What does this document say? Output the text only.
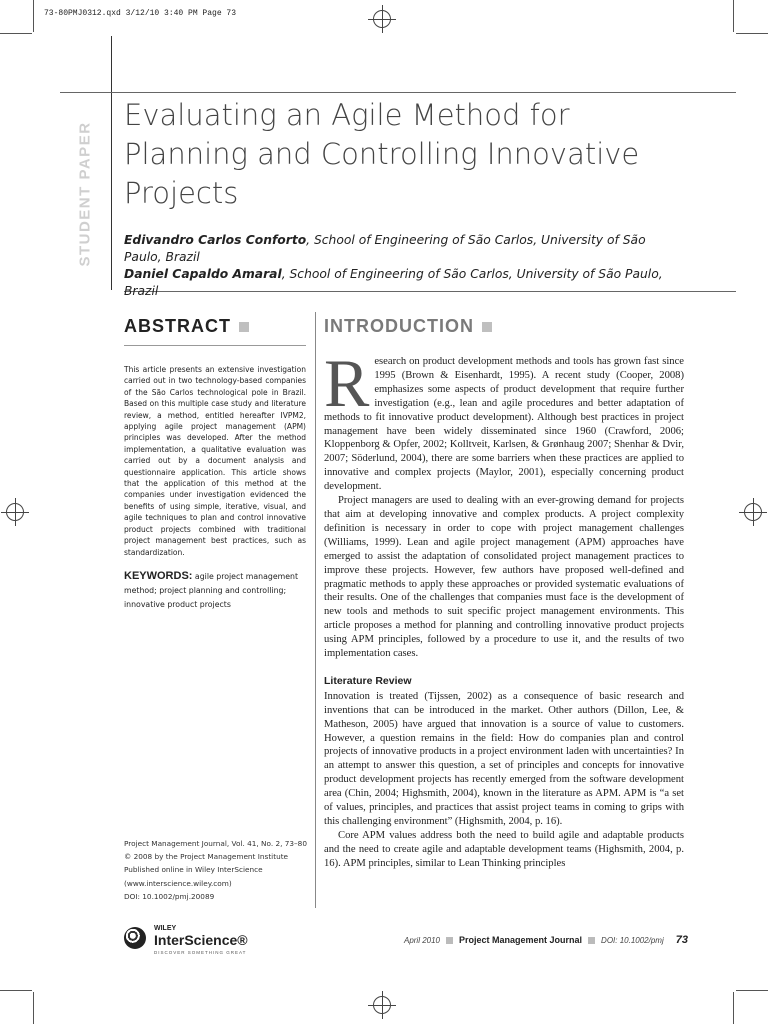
73-80PMJ0312.qxd 3/12/10 3:40 PM Page 73
STUDENT PAPER
Evaluating an Agile Method for Planning and Controlling Innovative Projects
Edivandro Carlos Conforto, School of Engineering of São Carlos, University of São Paulo, Brazil
Daniel Capaldo Amaral, School of Engineering of São Carlos, University of São Paulo, Brazil
ABSTRACT
This article presents an extensive investigation carried out in two technology-based companies of the São Carlos technological pole in Brazil. Based on this multiple case study and literature review, a method, entitled hereafter IVPM2, applying agile project management (APM) principles was developed. After the method implementation, a qualitative evaluation was carried out by a document analysis and questionnaire application. This article shows that the application of this method at the companies under investigation evidenced the benefits of using simple, iterative, visual, and agile techniques to plan and control innovative product projects combined with traditional project management best practices, such as standardization.
KEYWORDS: agile project management method; project planning and controlling; innovative product projects
Project Management Journal, Vol. 41, No. 2, 73–80
© 2008 by the Project Management Institute
Published online in Wiley InterScience
(www.interscience.wiley.com)
DOI: 10.1002/pmj.20089
INTRODUCTION

Research on product development methods and tools has grown fast since 1995 (Brown & Eisenhardt, 1995). A recent study (Cooper, 2008) emphasizes some aspects of product development that require further investigation (e.g., lean and agile procedures and better adaptation of methods to fit innovative product development). Although best practices in project management have been widely disseminated since 1960 (Crawford, 2006; Kloppenborg & Opfer, 2002; Kolltveit, Karlsen, & Grønhaug 2007; Shenhar & Dvir, 2007; Söderlund, 2004), there are some barriers when these practices are applied to innovative and complex projects (Maylor, 2001), especially concerning product development.

Project managers are used to dealing with an ever-growing demand for projects that aim at developing innovative and complex products. A project complexity definition is necessary in order to cope with project management challenges (Williams, 1999). Lean and agile project management (APM) approaches have emerged to assist the adaptation of consolidated project management practices to improve these projects. However, few authors have proposed well-defined and pragmatic methods to apply these approaches or provided systematic evaluations of their results. One of the challenges that companies must face is the development of new tools and methods to suit specific project management environments. This article proposes a method for planning and controlling innovative product projects using APM principles, followed by a procedure to use it, and the results of two implementation cases.

Literature Review

Innovation is treated (Tijssen, 2002) as a consequence of basic research and inventions that can be introduced in the market. Other authors (Dillon, Lee, & Matheson, 2005) have argued that innovation is a source of value to customers. However, a question remains in the field: How do companies plan and control projects of innovative products in a project environment laden with uncertainties? In an attempt to answer this question, a set of principles and concepts for innovative product development projects has recently emerged from the software development area (Chin, 2004; Highsmith, 2004), known in the literature as APM. APM is “a set of values, principles, and practices that assist project teams in coming to grips with this challenging environment” (Highsmith, 2004, p. 16).

Core APM values address both the need to build agile and adaptable products and the need to create agile and adaptable development teams (Highsmith, 2004, p. 16). APM principles, similar to Lean Thinking principles

WILEY
InterScience®
DISCOVER SOMETHING GREAT
April 2010 Project Management Journal DOI: 10.1002/pmj 73
